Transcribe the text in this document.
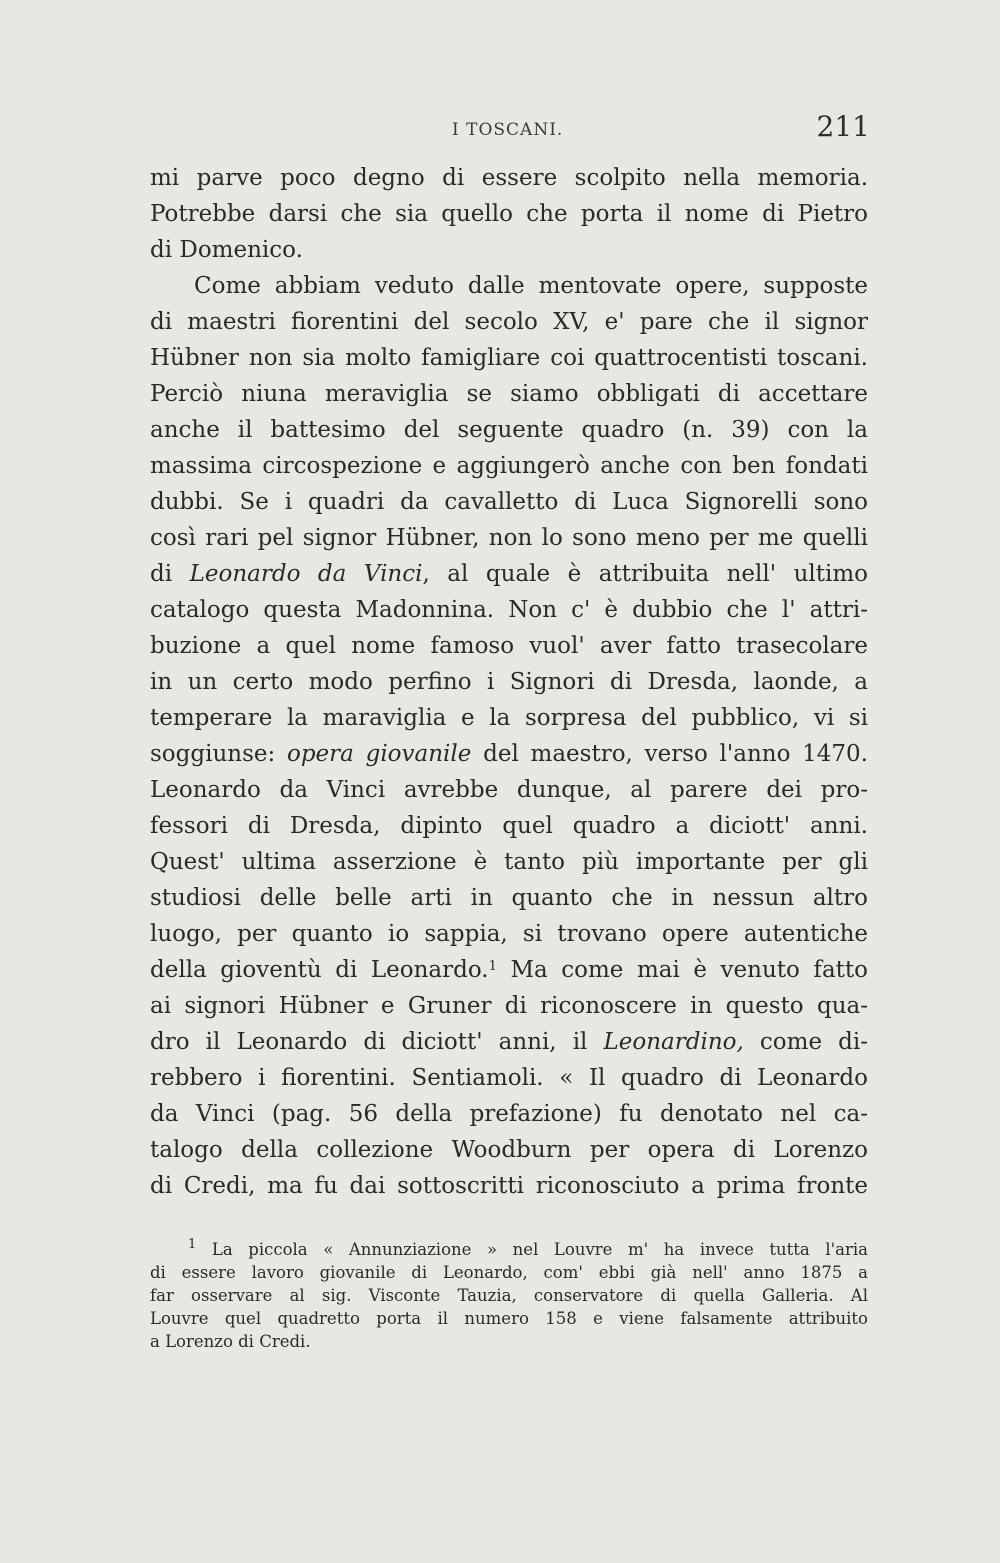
I TOSCANI.	211
mi parve poco degno di essere scolpito nella memoria.
Potrebbe darsi che sia quello che porta il nome di Pietro
di Domenico.
Come abbiam veduto dalle mentovate opere, supposte
di maestri fiorentini del secolo XV, e' pare che il signor
Hübner non sia molto famigliare coi quattrocentisti toscani.
Perciò niuna meraviglia se siamo obbligati di accettare
anche il battesimo del seguente quadro (n. 39) con la
massima circospezione e aggiungerò anche con ben fondati
dubbi. Se i quadri da cavalletto di Luca Signorelli sono
così rari pel signor Hübner, non lo sono meno per me quelli
di Leonardo da Vinci, al quale è attribuita nell' ultimo
catalogo questa Madonnina. Non c' è dubbio che l' attri-
buzione a quel nome famoso vuol' aver fatto trasecolare
in un certo modo perfino i Signori di Dresda, laonde, a
temperare la maraviglia e la sorpresa del pubblico, vi si
soggiunse: opera giovanile del maestro, verso l'anno 1470.
Leonardo da Vinci avrebbe dunque, al parere dei pro-
fessori di Dresda, dipinto quel quadro a diciott' anni.
Quest' ultima asserzione è tanto più importante per gli
studiosi delle belle arti in quanto che in nessun altro
luogo, per quanto io sappia, si trovano opere autentiche
della gioventù di Leonardo.$^1$ Ma come mai è venuto fatto
ai signori Hübner e Gruner di riconoscere in questo qua-
dro il Leonardo di diciott' anni, il Leonardino, come di-
rebbero i fiorentini. Sentiamoli. « Il quadro di Leonardo
da Vinci (pag. 56 della prefazione) fu denotato nel ca-
talogo della collezione Woodburn per opera di Lorenzo
di Credi, ma fu dai sottoscritti riconosciuto a prima fronte
$^1$ La piccola « Annunziazione » nel Louvre m' ha invece tutta l'aria
di essere lavoro giovanile di Leonardo, com' ebbi già nell' anno 1875 a
far osservare al sig. Visconte Tauzia, conservatore di quella Galleria. Al
Louvre quel quadretto porta il numero 158 e viene falsamente attribuito
a Lorenzo di Credi.
